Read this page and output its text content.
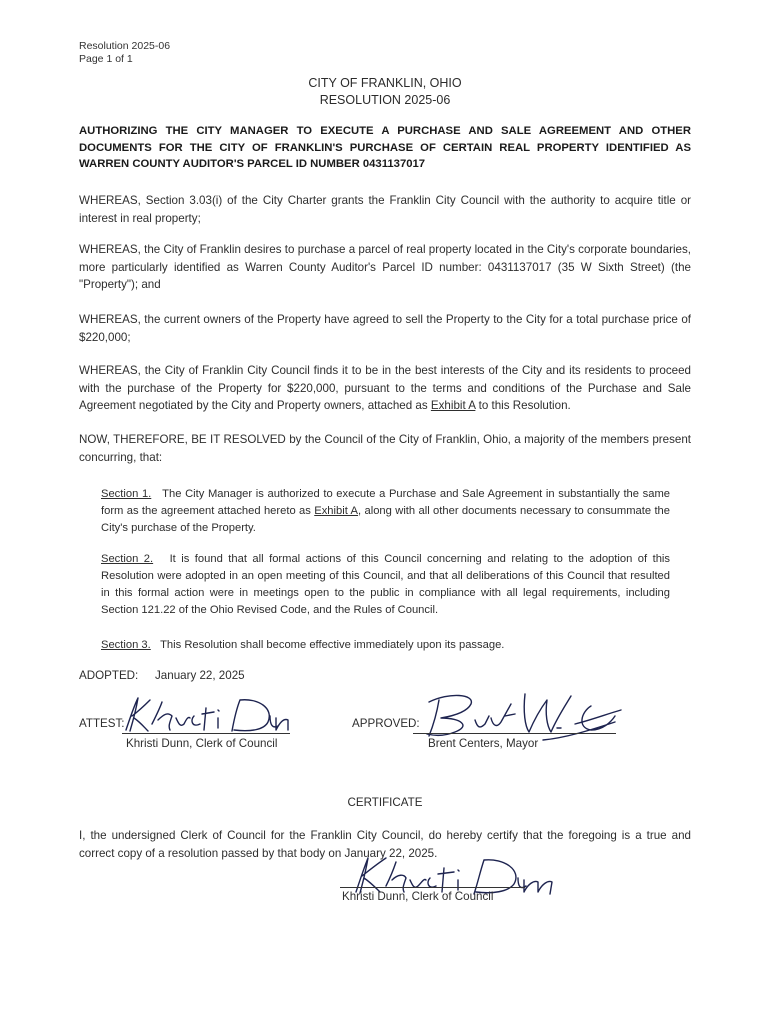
Resolution 2025-06
Page 1 of 1
CITY OF FRANKLIN, OHIO
RESOLUTION 2025-06
AUTHORIZING THE CITY MANAGER TO EXECUTE A PURCHASE AND SALE AGREEMENT AND OTHER DOCUMENTS FOR THE CITY OF FRANKLIN'S PURCHASE OF CERTAIN REAL PROPERTY IDENTIFIED AS WARREN COUNTY AUDITOR'S PARCEL ID NUMBER 0431137017
WHEREAS, Section 3.03(i) of the City Charter grants the Franklin City Council with the authority to acquire title or interest in real property;
WHEREAS, the City of Franklin desires to purchase a parcel of real property located in the City's corporate boundaries, more particularly identified as Warren County Auditor's Parcel ID number: 0431137017 (35 W Sixth Street) (the "Property"); and
WHEREAS, the current owners of the Property have agreed to sell the Property to the City for a total purchase price of $220,000;
WHEREAS, the City of Franklin City Council finds it to be in the best interests of the City and its residents to proceed with the purchase of the Property for $220,000, pursuant to the terms and conditions of the Purchase and Sale Agreement negotiated by the City and Property owners, attached as Exhibit A to this Resolution.
NOW, THEREFORE, BE IT RESOLVED by the Council of the City of Franklin, Ohio, a majority of the members present concurring, that:
Section 1. The City Manager is authorized to execute a Purchase and Sale Agreement in substantially the same form as the agreement attached hereto as Exhibit A, along with all other documents necessary to consummate the City's purchase of the Property.
Section 2. It is found that all formal actions of this Council concerning and relating to the adoption of this Resolution were adopted in an open meeting of this Council, and that all deliberations of this Council that resulted in this formal action were in meetings open to the public in compliance with all legal requirements, including Section 121.22 of the Ohio Revised Code, and the Rules of Council.
Section 3. This Resolution shall become effective immediately upon its passage.
ADOPTED: January 22, 2025
ATTEST:
Khristi Dunn, Clerk of Council
APPROVED:
Brent Centers, Mayor
CERTIFICATE
I, the undersigned Clerk of Council for the Franklin City Council, do hereby certify that the foregoing is a true and correct copy of a resolution passed by that body on January 22, 2025.
Khristi Dunn, Clerk of Council
